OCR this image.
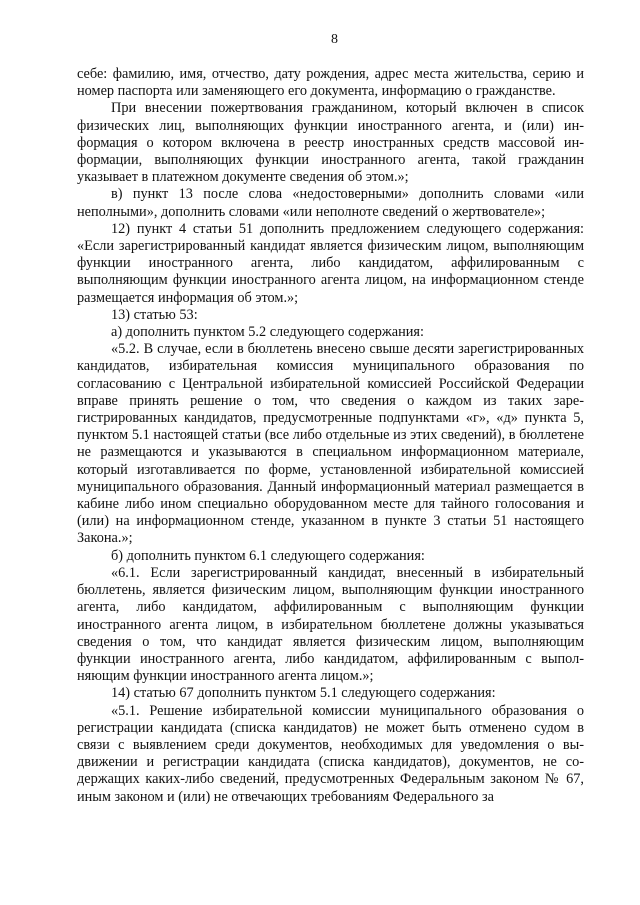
8

себе: фамилию, имя, отчество, дату рождения, адрес места жительства, серию и номер паспорта или заменяющего его документа, информацию о гражданстве.

При внесении пожертвования гражданином, который включен в список физических лиц, выполняющих функции иностранного агента, и (или) информация о котором включена в реестр иностранных средств массовой информации, выполняющих функции иностранного агента, такой гражданин указывает в платежном документе сведения об этом.»;

в) пункт 13 после слова «недостоверными» дополнить словами «или неполными», дополнить словами «или неполноте сведений о жертвователе»;

12) пункт 4 статьи 51 дополнить предложением следующего содержания: «Если зарегистрированный кандидат является физическим лицом, выполняющим функции иностранного агента, либо кандидатом, аффилированным с выполняющим функции иностранного агента лицом, на информационном стенде размещается информация об этом.»;

13) статью 53:

а) дополнить пунктом 5.2 следующего содержания:

«5.2. В случае, если в бюллетень внесено свыше десяти зарегистрированных кандидатов, избирательная комиссия муниципального образования по согласованию с Центральной избирательной комиссией Российской Федерации вправе принять решение о том, что сведения о каждом из таких зарегистрированных кандидатов, предусмотренные подпунктами «г», «д» пункта 5, пунктом 5.1 настоящей статьи (все либо отдельные из этих сведений), в бюллетене не размещаются и указываются в специальном информационном материале, который изготавливается по форме, установленной избирательной комиссией муниципального образования. Данный информационный материал размещается в кабине либо ином специально оборудованном месте для тайного голосования и (или) на информационном стенде, указанном в пункте 3 статьи 51 настоящего Закона.»;

б) дополнить пунктом 6.1 следующего содержания:

«6.1. Если зарегистрированный кандидат, внесенный в избирательный бюллетень, является физическим лицом, выполняющим функции иностранного агента, либо кандидатом, аффилированным с выполняющим функции иностранного агента лицом, в избирательном бюллетене должны указываться сведения о том, что кандидат является физическим лицом, выполняющим функции иностранного агента, либо кандидатом, аффилированным с выполняющим функции иностранного агента лицом.»;

14) статью 67 дополнить пунктом 5.1 следующего содержания:

«5.1. Решение избирательной комиссии муниципального образования о регистрации кандидата (списка кандидатов) не может быть отменено судом в связи с выявлением среди документов, необходимых для уведомления о выдвижении и регистрации кандидата (списка кандидатов), документов, не содержащих каких-либо сведений, предусмотренных Федеральным законом № 67, иным законом и (или) не отвечающих требованиям Федерального за
